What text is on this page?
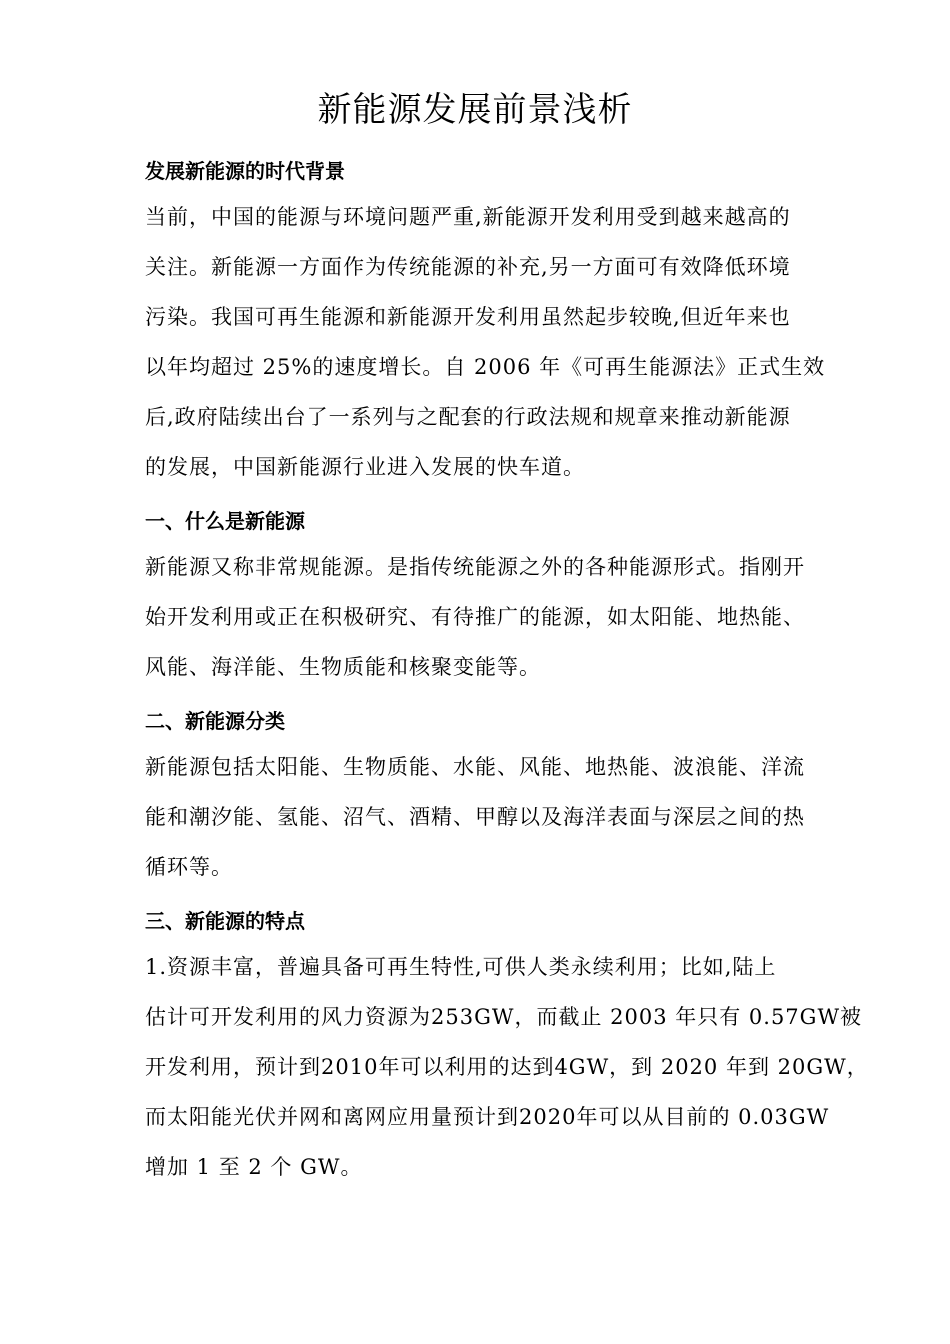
新能源发展前景浅析
发展新能源的时代背景

当前，中国的能源与环境问题严重,新能源开发利用受到越来越高的
关注。新能源一方面作为传统能源的补充,另一方面可有效降低环境
污染。我国可再生能源和新能源开发利用虽然起步较晚,但近年来也
以年均超过 25%的速度增长。自 2006 年《可再生能源法》正式生效
后,政府陆续出台了一系列与之配套的行政法规和规章来推动新能源
的发展，中国新能源行业进入发展的快车道。

一、什么是新能源

新能源又称非常规能源。是指传统能源之外的各种能源形式。指刚开
始开发利用或正在积极研究、有待推广的能源，如太阳能、地热能、
风能、海洋能、生物质能和核聚变能等。

二、新能源分类

新能源包括太阳能、生物质能、水能、风能、地热能、波浪能、洋流
能和潮汐能、氢能、沼气、酒精、甲醇以及海洋表面与深层之间的热
循环等。

三、新能源的特点

1.资源丰富，普遍具备可再生特性,可供人类永续利用；比如,陆上
估计可开发利用的风力资源为253GW，而截止 2003 年只有 0.57GW被
开发利用，预计到2010年可以利用的达到4GW，到 2020 年到 20GW，
而太阳能光伏并网和离网应用量预计到2020年可以从目前的 0.03GW
增加 1 至 2 个 GW。
